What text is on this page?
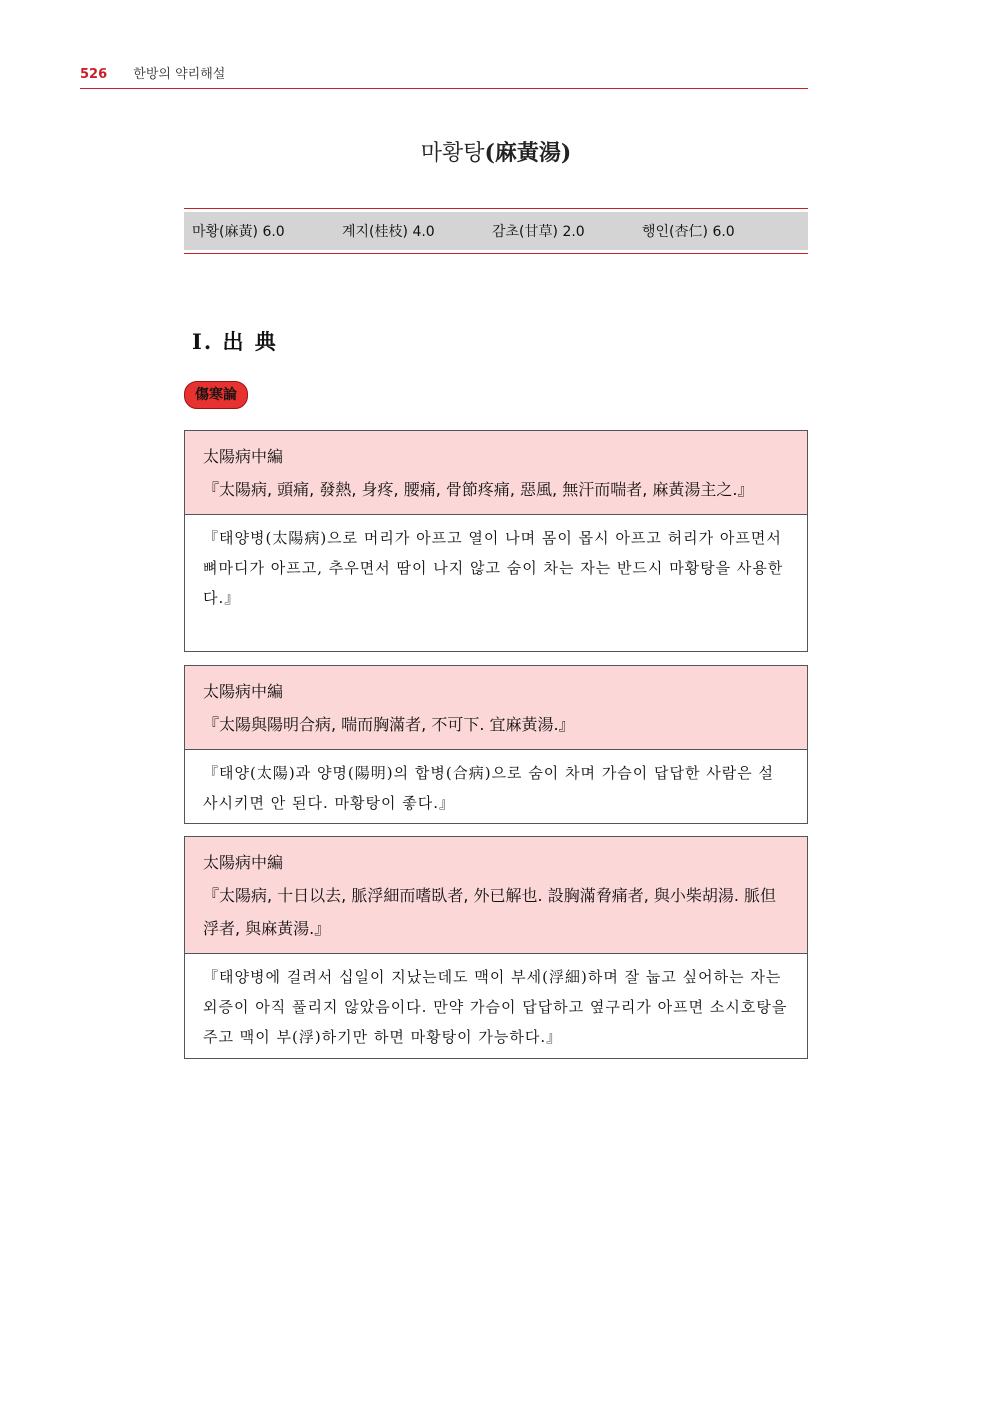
526 한방의 약리해설
마황탕(麻黃湯)
마황(麻黃) 6.0	계지(桂枝) 4.0	감초(甘草) 2.0	행인(杏仁) 6.0
Ⅰ. 出 典
傷寒論
太陽病中編
『太陽病, 頭痛, 發熱, 身疼, 腰痛, 骨節疼痛, 惡風, 無汗而喘者, 麻黃湯主之.』
『태양병(太陽病)으로 머리가 아프고 열이 나며 몸이 몹시 아프고 허리가 아프면서 뼈마디가 아프고, 추우면서 땀이 나지 않고 숨이 차는 자는 반드시 마황탕을 사용한다.』
太陽病中編
『太陽與陽明合病, 喘而胸滿者, 不可下. 宜麻黃湯.』
『태양(太陽)과 양명(陽明)의 합병(合病)으로 숨이 차며 가슴이 답답한 사람은 설사시키면 안 된다. 마황탕이 좋다.』
太陽病中編
『太陽病, 十日以去, 脈浮細而嗜臥者, 外已解也. 設胸滿脅痛者, 與小柴胡湯. 脈但 浮者, 與麻黃湯.』
『태양병에 걸려서 십일이 지났는데도 맥이 부세(浮細)하며 잘 눕고 싶어하는 자는 외증이 아직 풀리지 않았음이다. 만약 가슴이 답답하고 옆구리가 아프면 소시호탕을 주고 맥이 부(浮)하기만 하면 마황탕이 가능하다.』
